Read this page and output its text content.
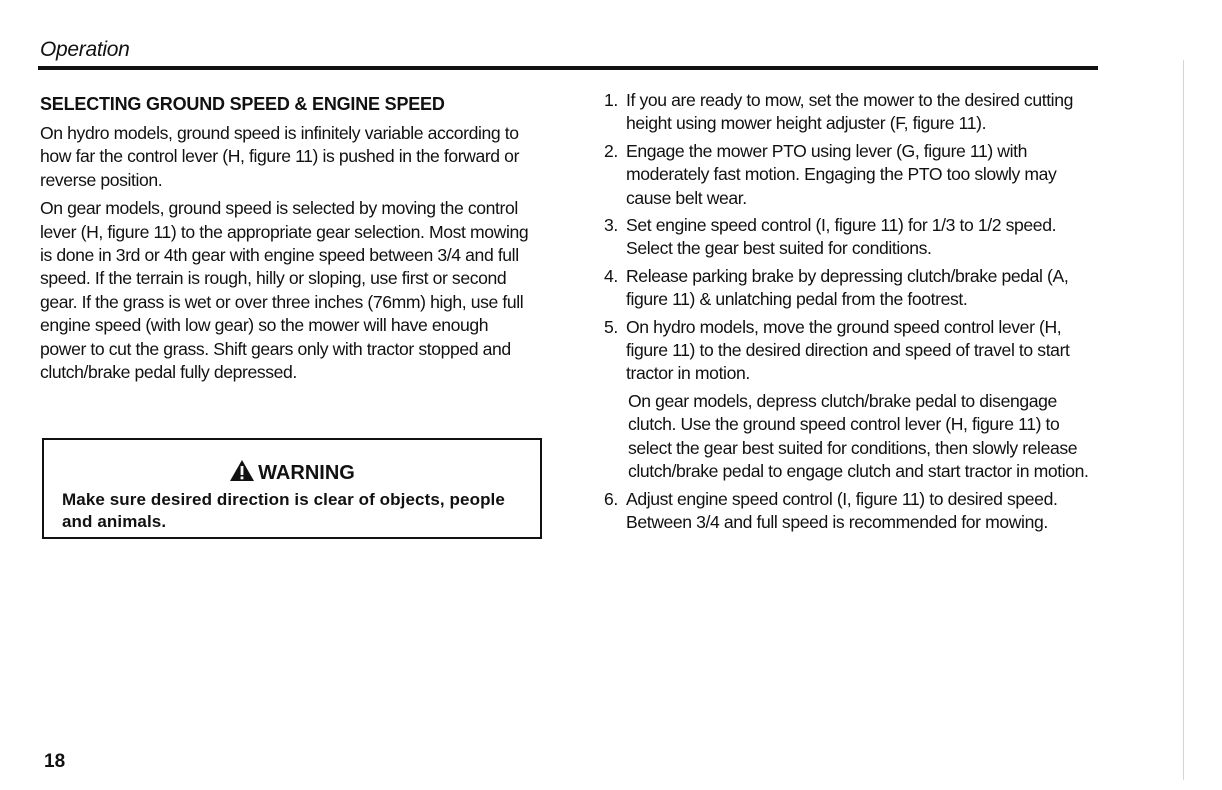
Operation
SELECTING GROUND SPEED & ENGINE SPEED

On hydro models, ground speed is infinitely variable according to how far the control lever (H, figure 11) is pushed in the forward or reverse position.

On gear models, ground speed is selected by moving the control lever (H, figure 11) to the appropriate gear selection. Most mowing is done in 3rd or 4th gear with engine speed between 3/4 and full speed. If the terrain is rough, hilly or sloping, use first or second gear. If the grass is wet or over three inches (76mm) high, use full engine speed (with low gear) so the mower will have enough power to cut the grass. Shift gears only with tractor stopped and clutch/brake pedal fully depressed.

WARNING
Make sure desired direction is clear of objects, people and animals.
1. If you are ready to mow, set the mower to the desired cutting height using mower height adjuster (F, figure 11).
2. Engage the mower PTO using lever (G, figure 11) with moderately fast motion. Engaging the PTO too slowly may cause belt wear.
3. Set engine speed control (I, figure 11) for 1/3 to 1/2 speed. Select the gear best suited for conditions.
4. Release parking brake by depressing clutch/brake pedal (A, figure 11) & unlatching pedal from the footrest.
5. On hydro models, move the ground speed control lever (H, figure 11) to the desired direction and speed of travel to start tractor in motion.
On gear models, depress clutch/brake pedal to disengage clutch. Use the ground speed control lever (H, figure 11) to select the gear best suited for conditions, then slowly release clutch/brake pedal to engage clutch and start tractor in motion.
6. Adjust engine speed control (I, figure 11) to desired speed. Between 3/4 and full speed is recommended for mowing.
18
